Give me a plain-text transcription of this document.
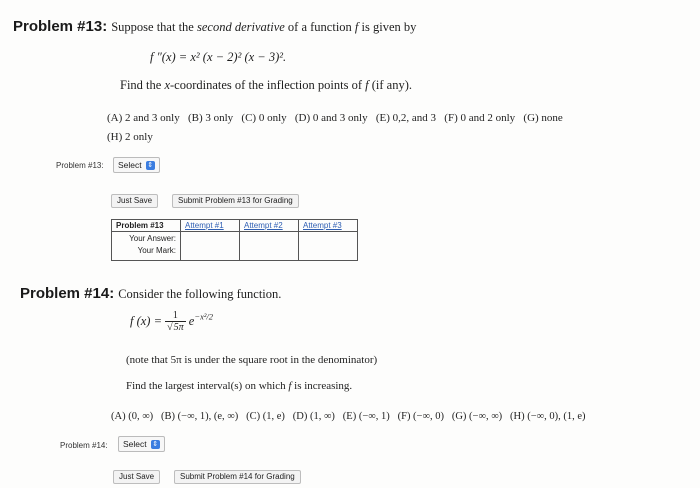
Problem #13: Suppose that the second derivative of a function f is given by
f ″(x) = x² (x − 2)² (x − 3)².
Find the x-coordinates of the inflection points of f (if any).
(A) 2 and 3 only   (B) 3 only   (C) 0 only   (D) 0 and 3 only   (E) 0,2, and 3   (F) 0 and 2 only   (G) none
(H) 2 only
Problem #13:	Select ⇕
Just Save	Submit Problem #13 for Grading
Problem #13	Attempt #1	Attempt #2	Attempt #3
Your Answer:
Your Mark:			
Problem #14: Consider the following function.
f $(x) = \frac{1}{√5\pi} e^{-x^2/2}$
(note that 5π is under the square root in the denominator)
Find the largest interval(s) on which f is increasing.
(A) (0, ∞)   (B) (−∞, 1), (e, ∞)   (C) (1, e)   (D) (1, ∞)   (E) (−∞, 1)   (F) (−∞, 0)   (G) (−∞, ∞)   (H) (−∞, 0), (1, e)
Problem #14:	Select ⇕
Just Save	Submit Problem #14 for Grading
